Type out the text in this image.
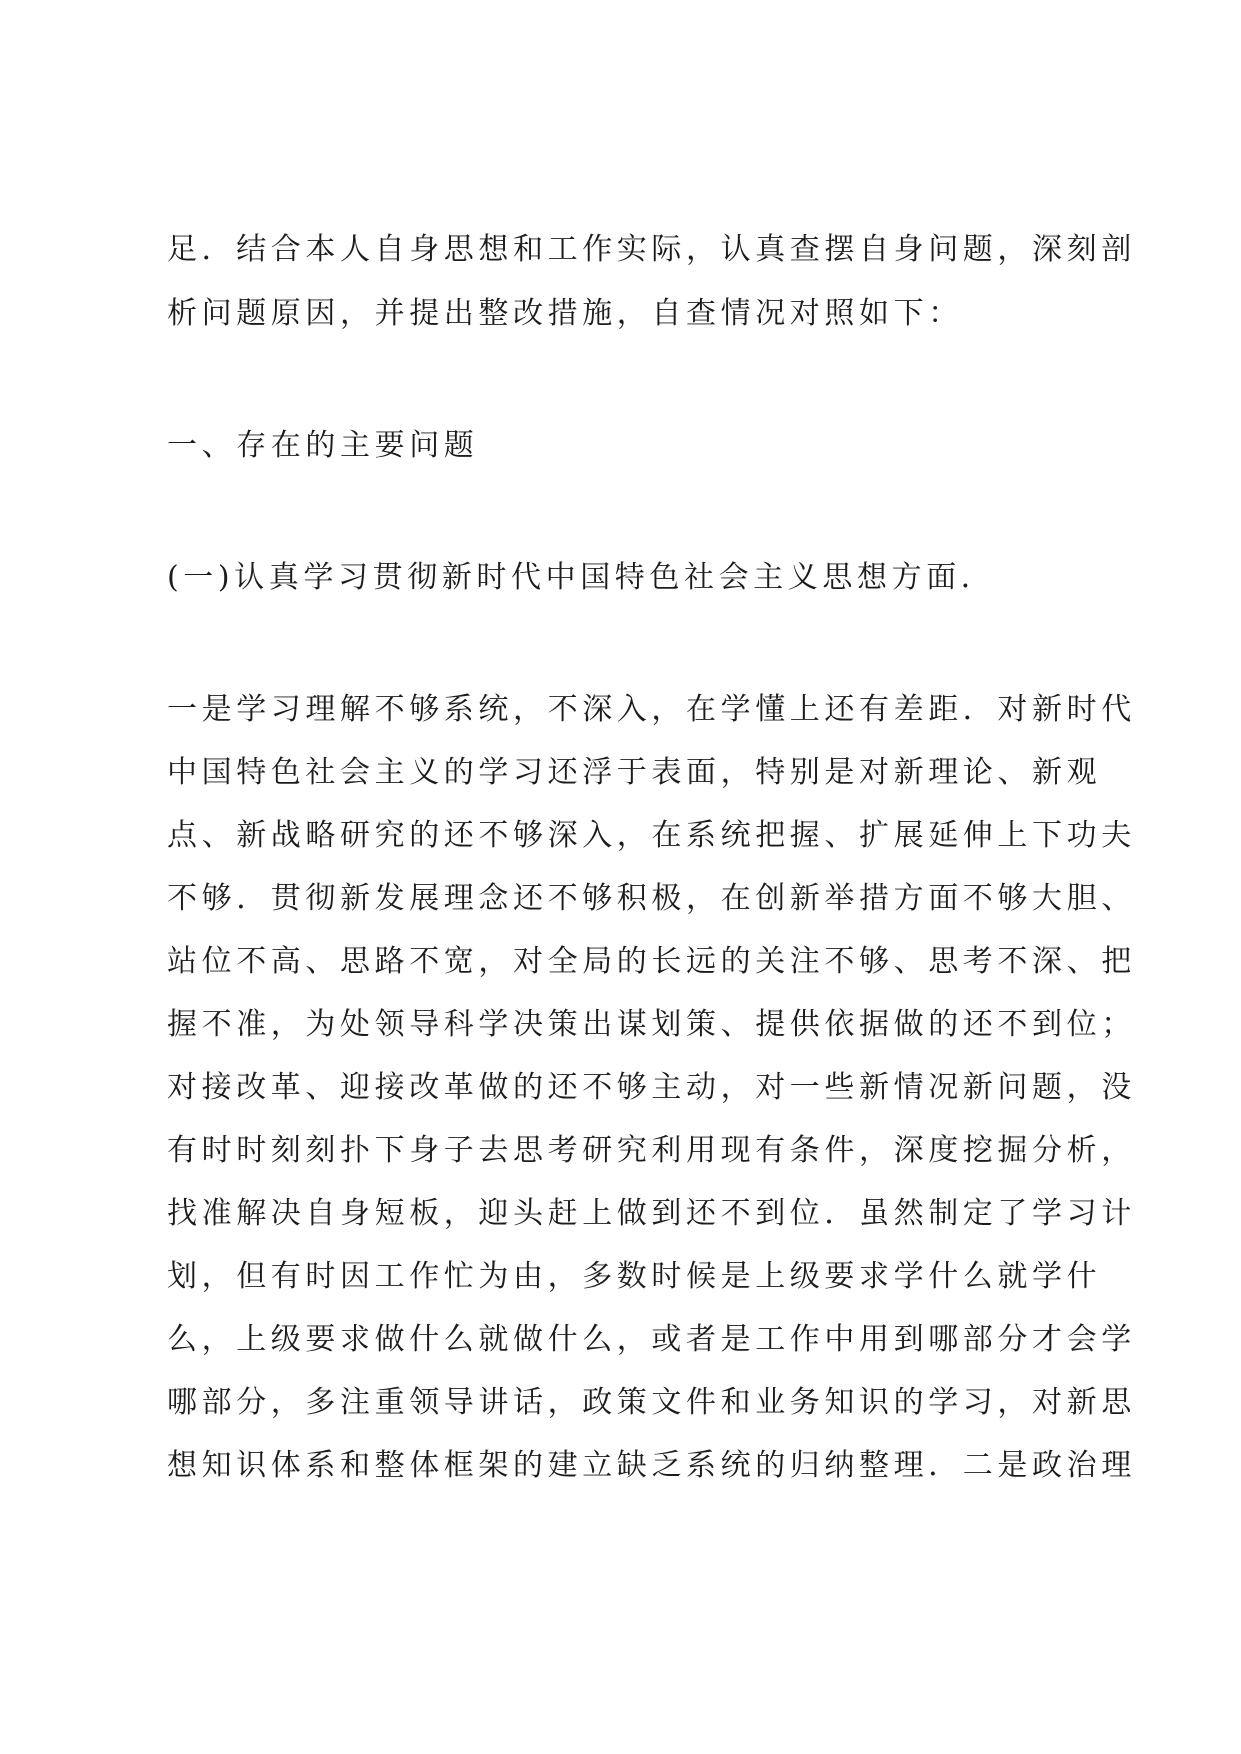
足．结合本人自身思想和工作实际，认真查摆自身问题，深刻剖
析问题原因，并提出整改措施，自查情况对照如下：
一、存在的主要问题
(一)认真学习贯彻新时代中国特色社会主义思想方面．
一是学习理解不够系统，不深入，在学懂上还有差距．对新时代
中国特色社会主义的学习还浮于表面，特别是对新理论、新观
点、新战略研究的还不够深入，在系统把握、扩展延伸上下功夫
不够．贯彻新发展理念还不够积极，在创新举措方面不够大胆、
站位不高、思路不宽，对全局的长远的关注不够、思考不深、把
握不准，为处领导科学决策出谋划策、提供依据做的还不到位；
对接改革、迎接改革做的还不够主动，对一些新情况新问题，没
有时时刻刻扑下身子去思考研究利用现有条件，深度挖掘分析，
找准解决自身短板，迎头赶上做到还不到位．虽然制定了学习计
划，但有时因工作忙为由，多数时候是上级要求学什么就学什
么，上级要求做什么就做什么，或者是工作中用到哪部分才会学
哪部分，多注重领导讲话，政策文件和业务知识的学习，对新思
想知识体系和整体框架的建立缺乏系统的归纳整理．二是政治理
